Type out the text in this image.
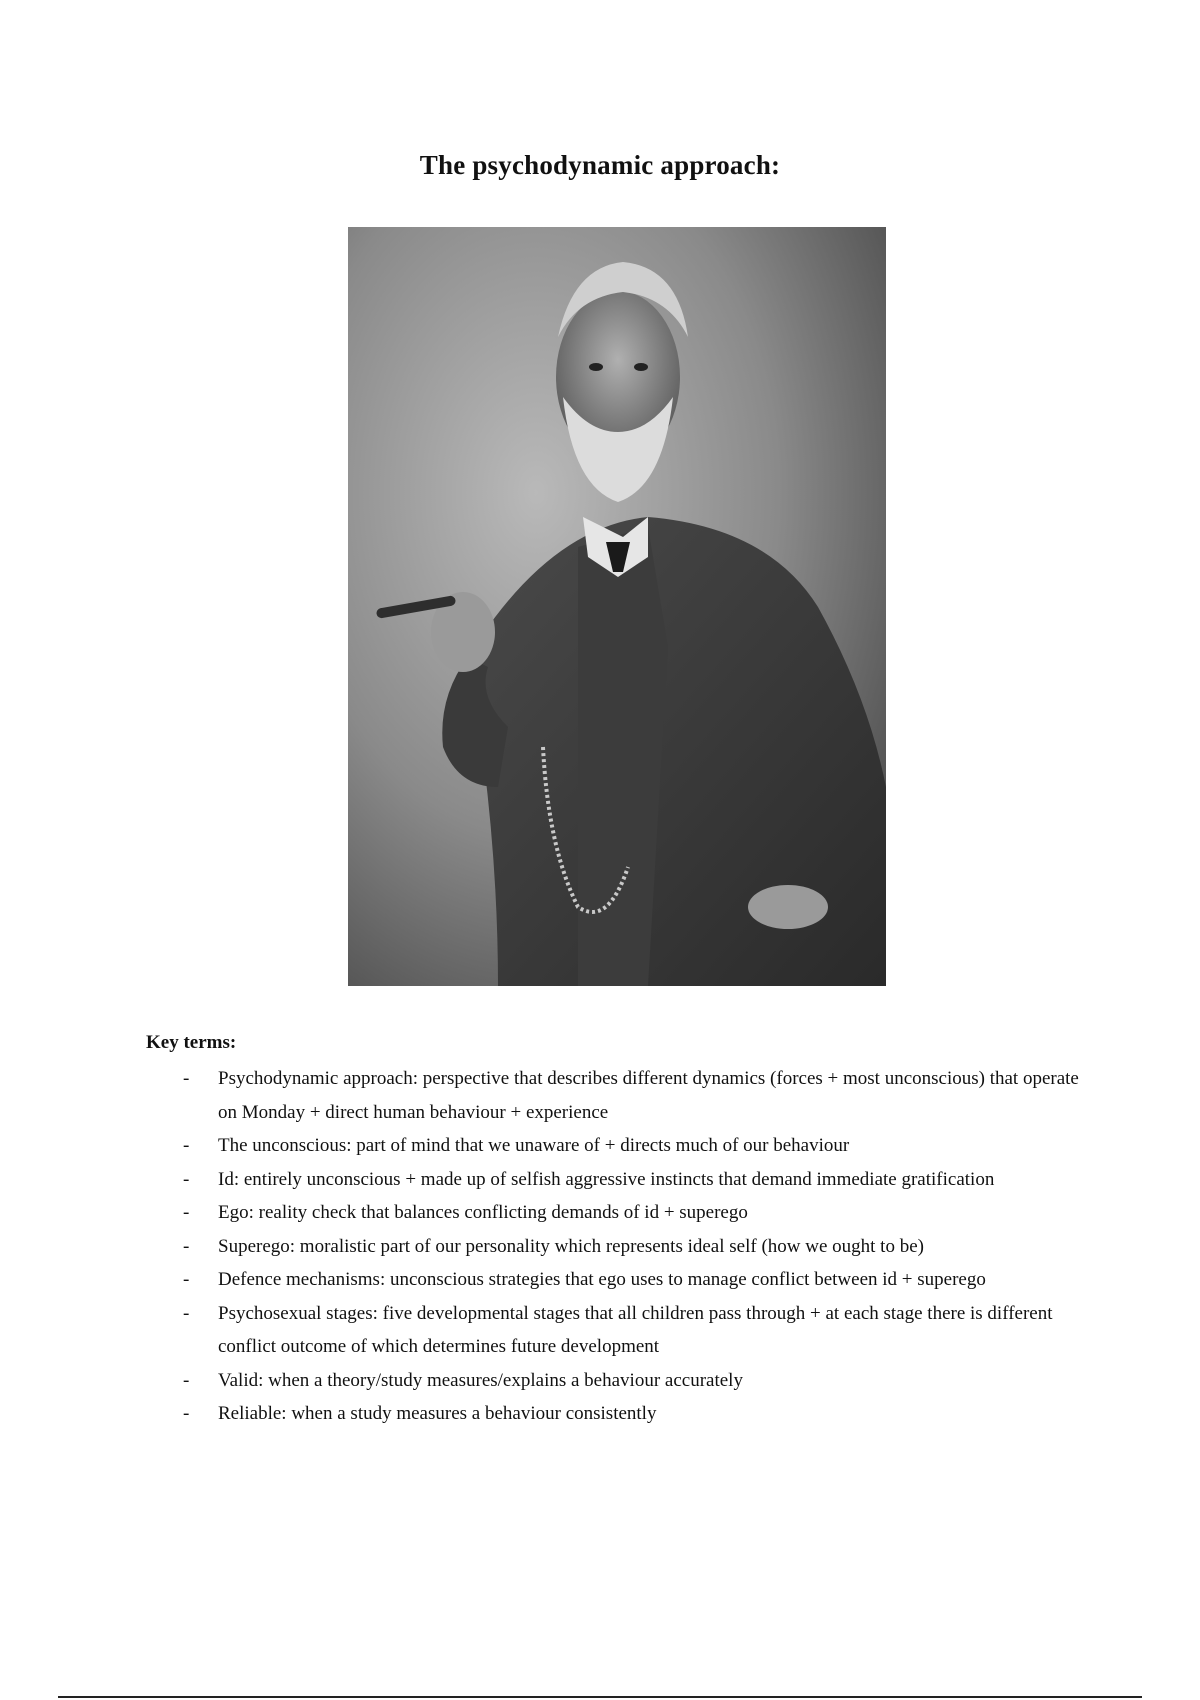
The psychodynamic approach:

Key terms:

- Psychodynamic approach: perspective that describes different dynamics (forces + most unconscious) that operate on Monday + direct human behaviour + experience
- The unconscious: part of mind that we unaware of + directs much of our behaviour
- Id: entirely unconscious + made up of selfish aggressive instincts that demand immediate gratification
- Ego: reality check that balances conflicting demands of id + superego
- Superego: moralistic part of our personality which represents ideal self (how we ought to be)
- Defence mechanisms: unconscious strategies that ego uses to manage conflict between id + superego
- Psychosexual stages: five developmental stages that all children pass through + at each stage there is different conflict outcome of which determines future development
- Valid: when a theory/study measures/explains a behaviour accurately
- Reliable: when a study measures a behaviour consistently
